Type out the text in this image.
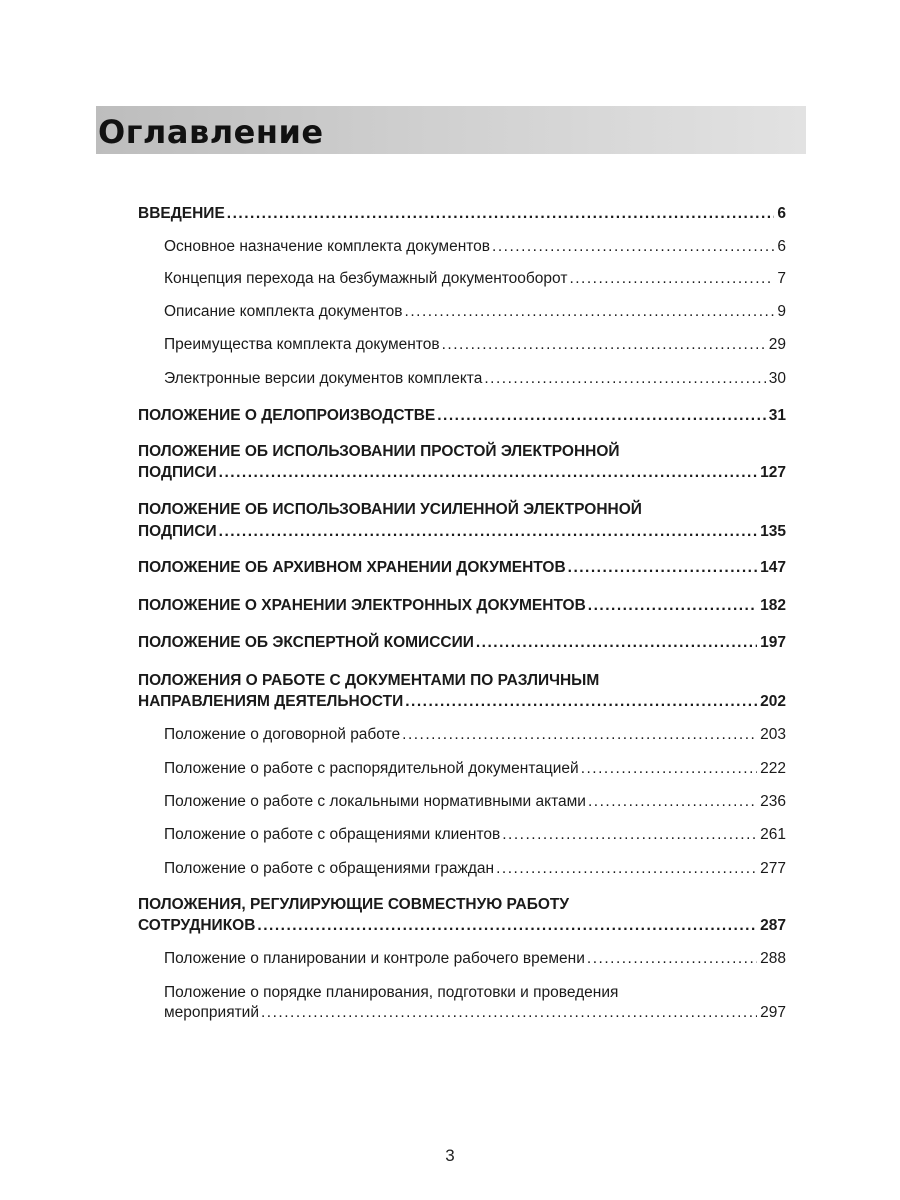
Оглавление
ВВЕДЕНИЕ .....	6
Основное назначение комплекта документов .....	6
Концепция перехода на безбумажный документооборот .....	7
Описание комплекта документов .....	9
Преимущества комплекта документов .....	29
Электронные версии документов комплекта .....	30
ПОЛОЖЕНИЕ О ДЕЛОПРОИЗВОДСТВЕ .....	31
ПОЛОЖЕНИЕ ОБ ИСПОЛЬЗОВАНИИ ПРОСТОЙ ЭЛЕКТРОННОЙ
ПОДПИСИ .....	127
ПОЛОЖЕНИЕ ОБ ИСПОЛЬЗОВАНИИ УСИЛЕННОЙ ЭЛЕКТРОННОЙ
ПОДПИСИ .....	135
ПОЛОЖЕНИЕ ОБ АРХИВНОМ ХРАНЕНИИ ДОКУМЕНТОВ .....	147
ПОЛОЖЕНИЕ О ХРАНЕНИИ ЭЛЕКТРОННЫХ ДОКУМЕНТОВ .....	182
ПОЛОЖЕНИЕ ОБ ЭКСПЕРТНОЙ КОМИССИИ .....	197
ПОЛОЖЕНИЯ О РАБОТЕ С ДОКУМЕНТАМИ ПО РАЗЛИЧНЫМ
НАПРАВЛЕНИЯМ ДЕЯТЕЛЬНОСТИ .....	202
Положение о договорной работе .....	203
Положение о работе с распорядительной документацией .....	222
Положение о работе с локальными нормативными актами .....	236
Положение о работе с обращениями клиентов .....	261
Положение о работе с обращениями граждан .....	277
ПОЛОЖЕНИЯ, РЕГУЛИРУЮЩИЕ СОВМЕСТНУЮ РАБОТУ
СОТРУДНИКОВ .....	287
Положение о планировании и контроле рабочего времени .....	288
Положение о порядке планирования, подготовки и проведения
мероприятий .....	297
3
